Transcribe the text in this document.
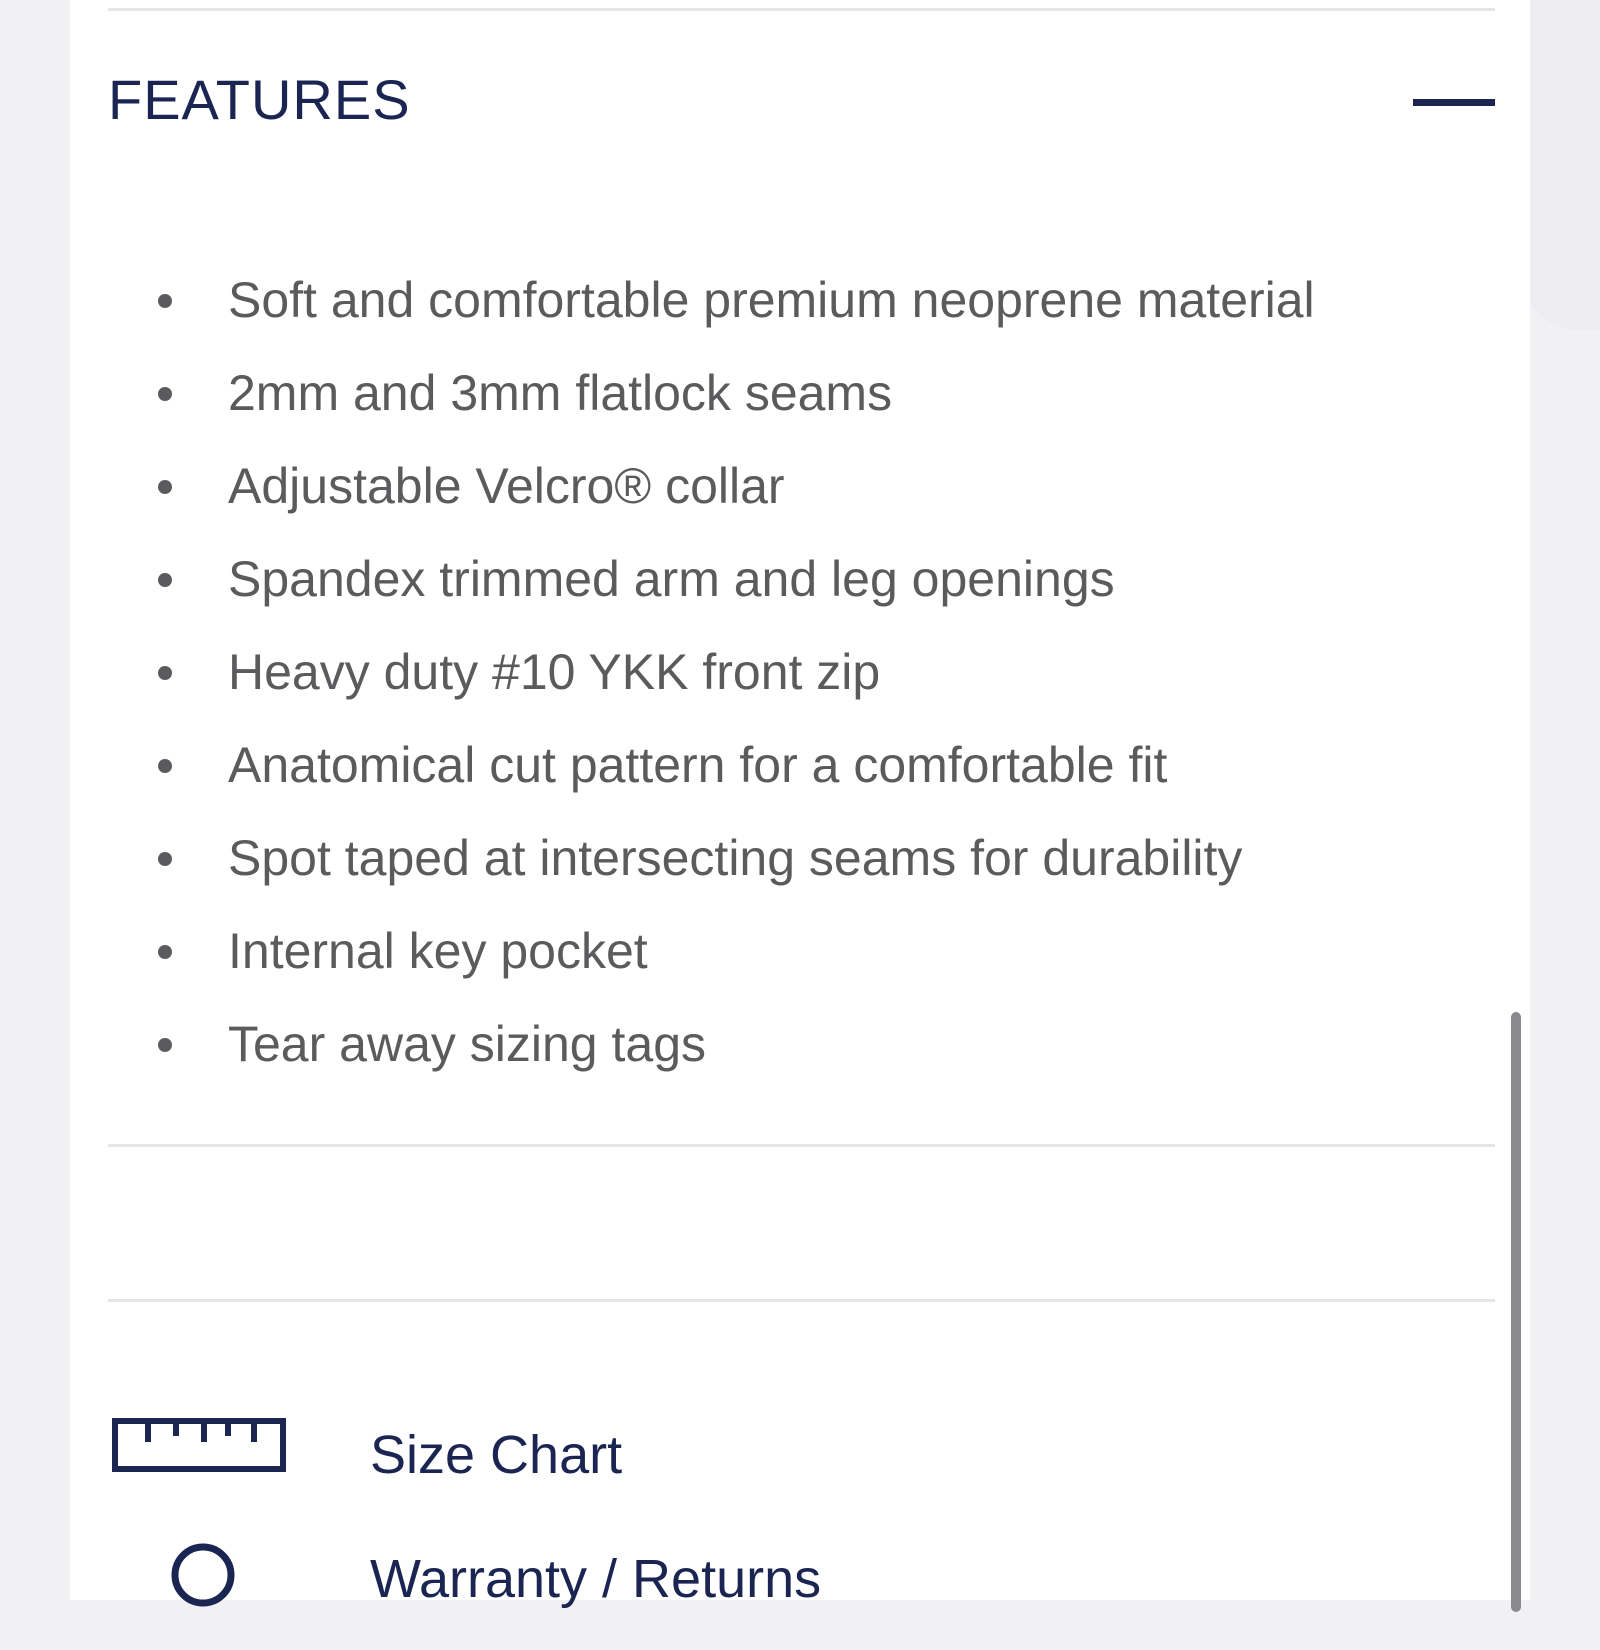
FEATURES
Soft and comfortable premium neoprene material
2mm and 3mm flatlock seams
Adjustable Velcro® collar
Spandex trimmed arm and leg openings
Heavy duty #10 YKK front zip
Anatomical cut pattern for a comfortable fit
Spot taped at intersecting seams for durability
Internal key pocket
Tear away sizing tags
Size Chart
Warranty / Returns
